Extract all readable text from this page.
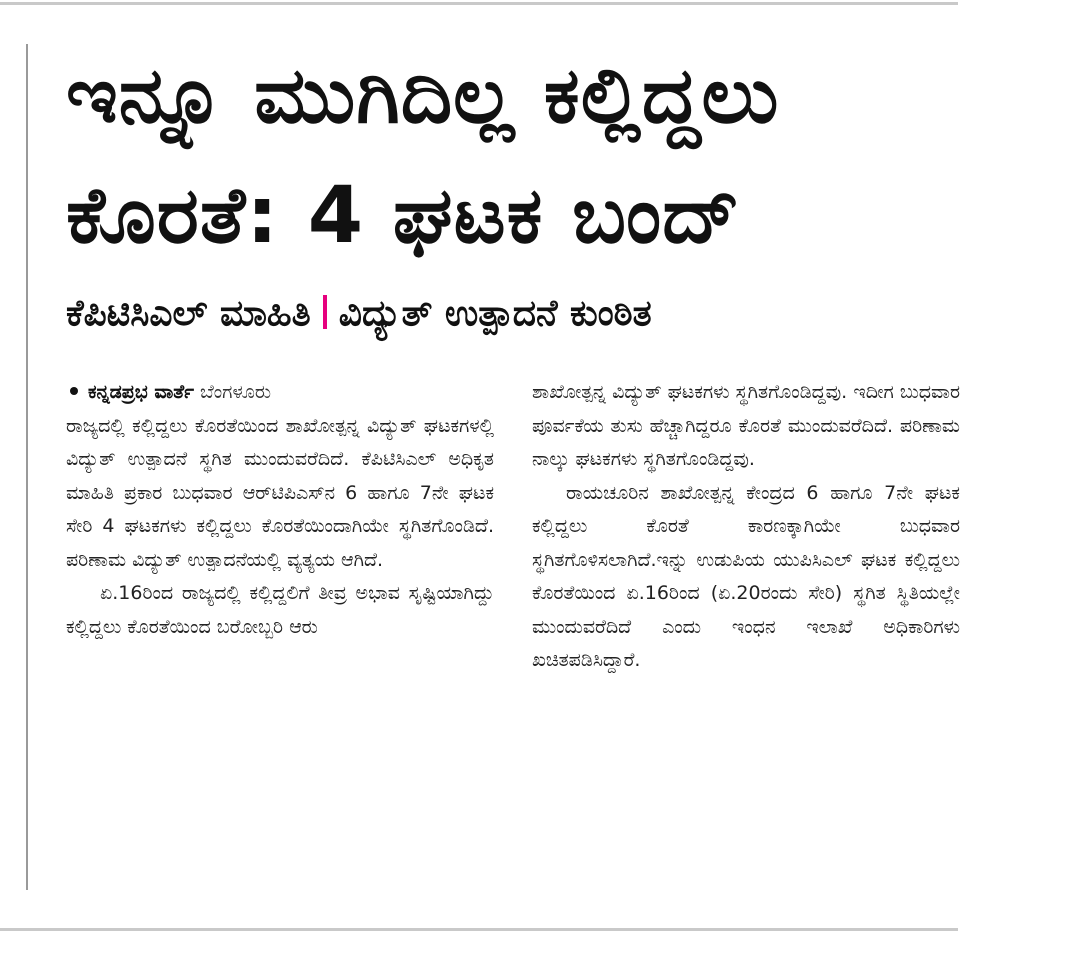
ಇನ್ನೂ ಮುಗಿದಿಲ್ಲ ಕಲ್ಲಿದ್ದಲು
ಕೊರತೆ: 4 ಘಟಕ ಬಂದ್
ಕೆಪಿಟಿಸಿಎಲ್ ಮಾಹಿತಿ ವಿದ್ಯುತ್ ಉತ್ಪಾದನೆ ಕುಂಠಿತ

ಕನ್ನಡಪ್ರಭ ವಾರ್ತೆ ಬೆಂಗಳೂರು

ರಾಜ್ಯದಲ್ಲಿ ಕಲ್ಲಿದ್ದಲು ಕೊರತೆಯಿಂದ ಶಾಖೋತ್ಪನ್ನ ವಿದ್ಯುತ್ ಘಟಕಗಳಲ್ಲಿ ವಿದ್ಯುತ್ ಉತ್ಪಾದನೆ ಸ್ಥಗಿತ ಮುಂದುವರೆದಿದೆ. ಕೆಪಿಟಿಸಿಎಲ್ ಅಧಿಕೃತ ಮಾಹಿತಿ ಪ್ರಕಾರ ಬುಧವಾರ ಆರ್‌ಟಿಪಿಎಸ್‌ನ 6 ಹಾಗೂ 7ನೇ ಘಟಕ ಸೇರಿ 4 ಘಟಕಗಳು ಕಲ್ಲಿದ್ದಲು ಕೊರತೆಯಿಂದಾಗಿಯೇ ಸ್ಥಗಿತಗೊಂಡಿದೆ. ಪರಿಣಾಮ ವಿದ್ಯುತ್ ಉತ್ಪಾದನೆಯಲ್ಲಿ ವ್ಯತ್ಯಯ ಆಗಿದೆ.

ಏ.16ರಿಂದ ರಾಜ್ಯದಲ್ಲಿ ಕಲ್ಲಿದ್ದಲಿಗೆ ತೀವ್ರ ಅಭಾವ ಸೃಷ್ಟಿಯಾಗಿದ್ದು ಕಲ್ಲಿದ್ದಲು ಕೊರತೆಯಿಂದ ಬರೋಬ್ಬರಿ ಆರು

ಶಾಖೋತ್ಪನ್ನ ವಿದ್ಯುತ್ ಘಟಕಗಳು ಸ್ಥಗಿತಗೊಂಡಿದ್ದವು. ಇದೀಗ ಬುಧವಾರ ಪೂರ್ವಕೆಯ ತುಸು ಹೆಚ್ಚಾಗಿದ್ದರೂ ಕೊರತೆ ಮುಂದುವರೆದಿದೆ. ಪರಿಣಾಮ ನಾಲ್ಕು ಘಟಕಗಳು ಸ್ಥಗಿತಗೊಂಡಿದ್ದವು.

ರಾಯಚೂರಿನ ಶಾಖೋತ್ಪನ್ನ ಕೇಂದ್ರದ 6 ಹಾಗೂ 7ನೇ ಘಟಕ ಕಲ್ಲಿದ್ದಲು ಕೊರತೆ ಕಾರಣಕ್ಕಾಗಿಯೇ ಬುಧವಾರ ಸ್ಥಗಿತಗೊಳಿಸಲಾಗಿದೆ.ಇನ್ನು ಉಡುಪಿಯ ಯುಪಿಸಿಎಲ್ ಘಟಕ ಕಲ್ಲಿದ್ದಲು ಕೊರತೆಯಿಂದ ಏ.16ರಿಂದ (ಏ.20ರಂದು ಸೇರಿ) ಸ್ಥಗಿತ ಸ್ಥಿತಿಯಲ್ಲೇ ಮುಂದುವರೆದಿದೆ ಎಂದು ಇಂಧನ ಇಲಾಖೆ ಅಧಿಕಾರಿಗಳು ಖಚಿತಪಡಿಸಿದ್ದಾರೆ.
